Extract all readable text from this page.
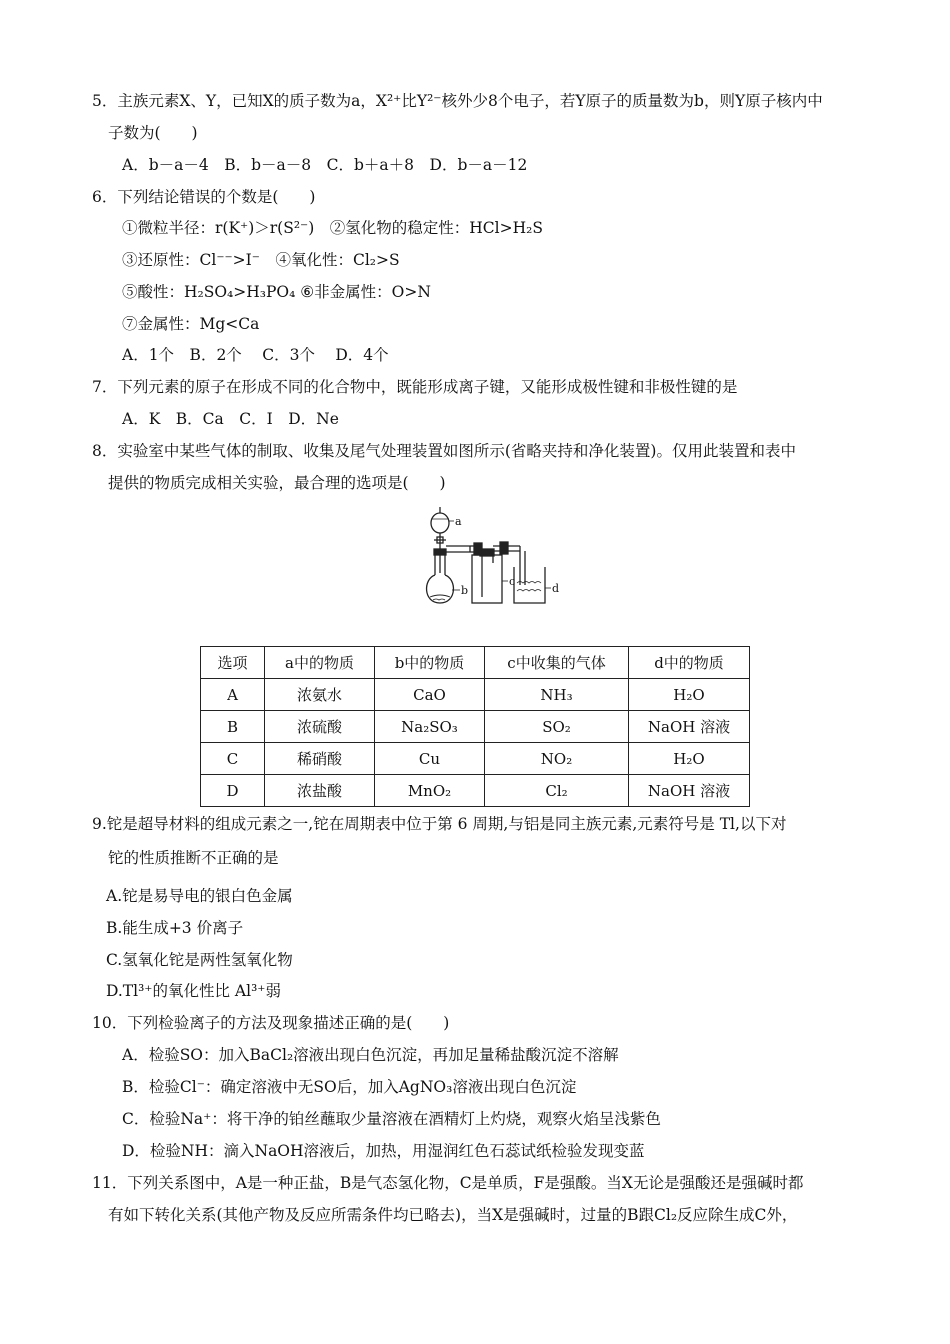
5．主族元素X、Y，已知X的质子数为a，X²⁺比Y²⁻核外少8个电子，若Y原子的质量数为b，则Y原子核内中
子数为(　　)
A．b－a－4　B．b－a－8　C．b＋a＋8　D．b－a－12
6．下列结论错误的个数是(　　)
①微粒半径：r(K⁺)＞r(S²⁻)　②氢化物的稳定性：HCl>H₂S
③还原性：Cl⁻⁻>I⁻　④氧化性：Cl₂>S
⑤酸性：H₂SO₄>H₃PO₄ ⑥非金属性：O>N
⑦金属性：Mg<Ca
A．1个　B．2个　 C．3个　 D．4个
7．下列元素的原子在形成不同的化合物中，既能形成离子键，又能形成极性键和非极性键的是
A．K　B．Ca　C．I　D．Ne
8．实验室中某些气体的制取、收集及尾气处理装置如图所示(省略夹持和净化装置)。仅用此装置和表中
提供的物质完成相关实验，最合理的选项是(　　)
a
b
c
d
选项	a中的物质	b中的物质	c中收集的气体	d中的物质
A	浓氨水	CaO	NH₃	H₂O
B	浓硫酸	Na₂SO₃	SO₂	NaOH 溶液
C	稀硝酸	Cu	NO₂	H₂O
D	浓盐酸	MnO₂	Cl₂	NaOH 溶液
9.铊是超导材料的组成元素之一,铊在周期表中位于第 6 周期,与铝是同主族元素,元素符号是 Tl,以下对
铊的性质推断不正确的是
A.铊是易导电的银白色金属
B.能生成+3 价离子
C.氢氧化铊是两性氢氧化物
D.Tl³⁺的氧化性比 Al³⁺弱
10．下列检验离子的方法及现象描述正确的是(　　)
A．检验SO：加入BaCl₂溶液出现白色沉淀，再加足量稀盐酸沉淀不溶解
B．检验Cl⁻：确定溶液中无SO后，加入AgNO₃溶液出现白色沉淀
C．检验Na⁺：将干净的铂丝蘸取少量溶液在酒精灯上灼烧，观察火焰呈浅紫色
D．检验NH：滴入NaOH溶液后，加热，用湿润红色石蕊试纸检验发现变蓝
11．下列关系图中，A是一种正盐，B是气态氢化物，C是单质，F是强酸。当X无论是强酸还是强碱时都
有如下转化关系(其他产物及反应所需条件均已略去)，当X是强碱时，过量的B跟Cl₂反应除生成C外，
